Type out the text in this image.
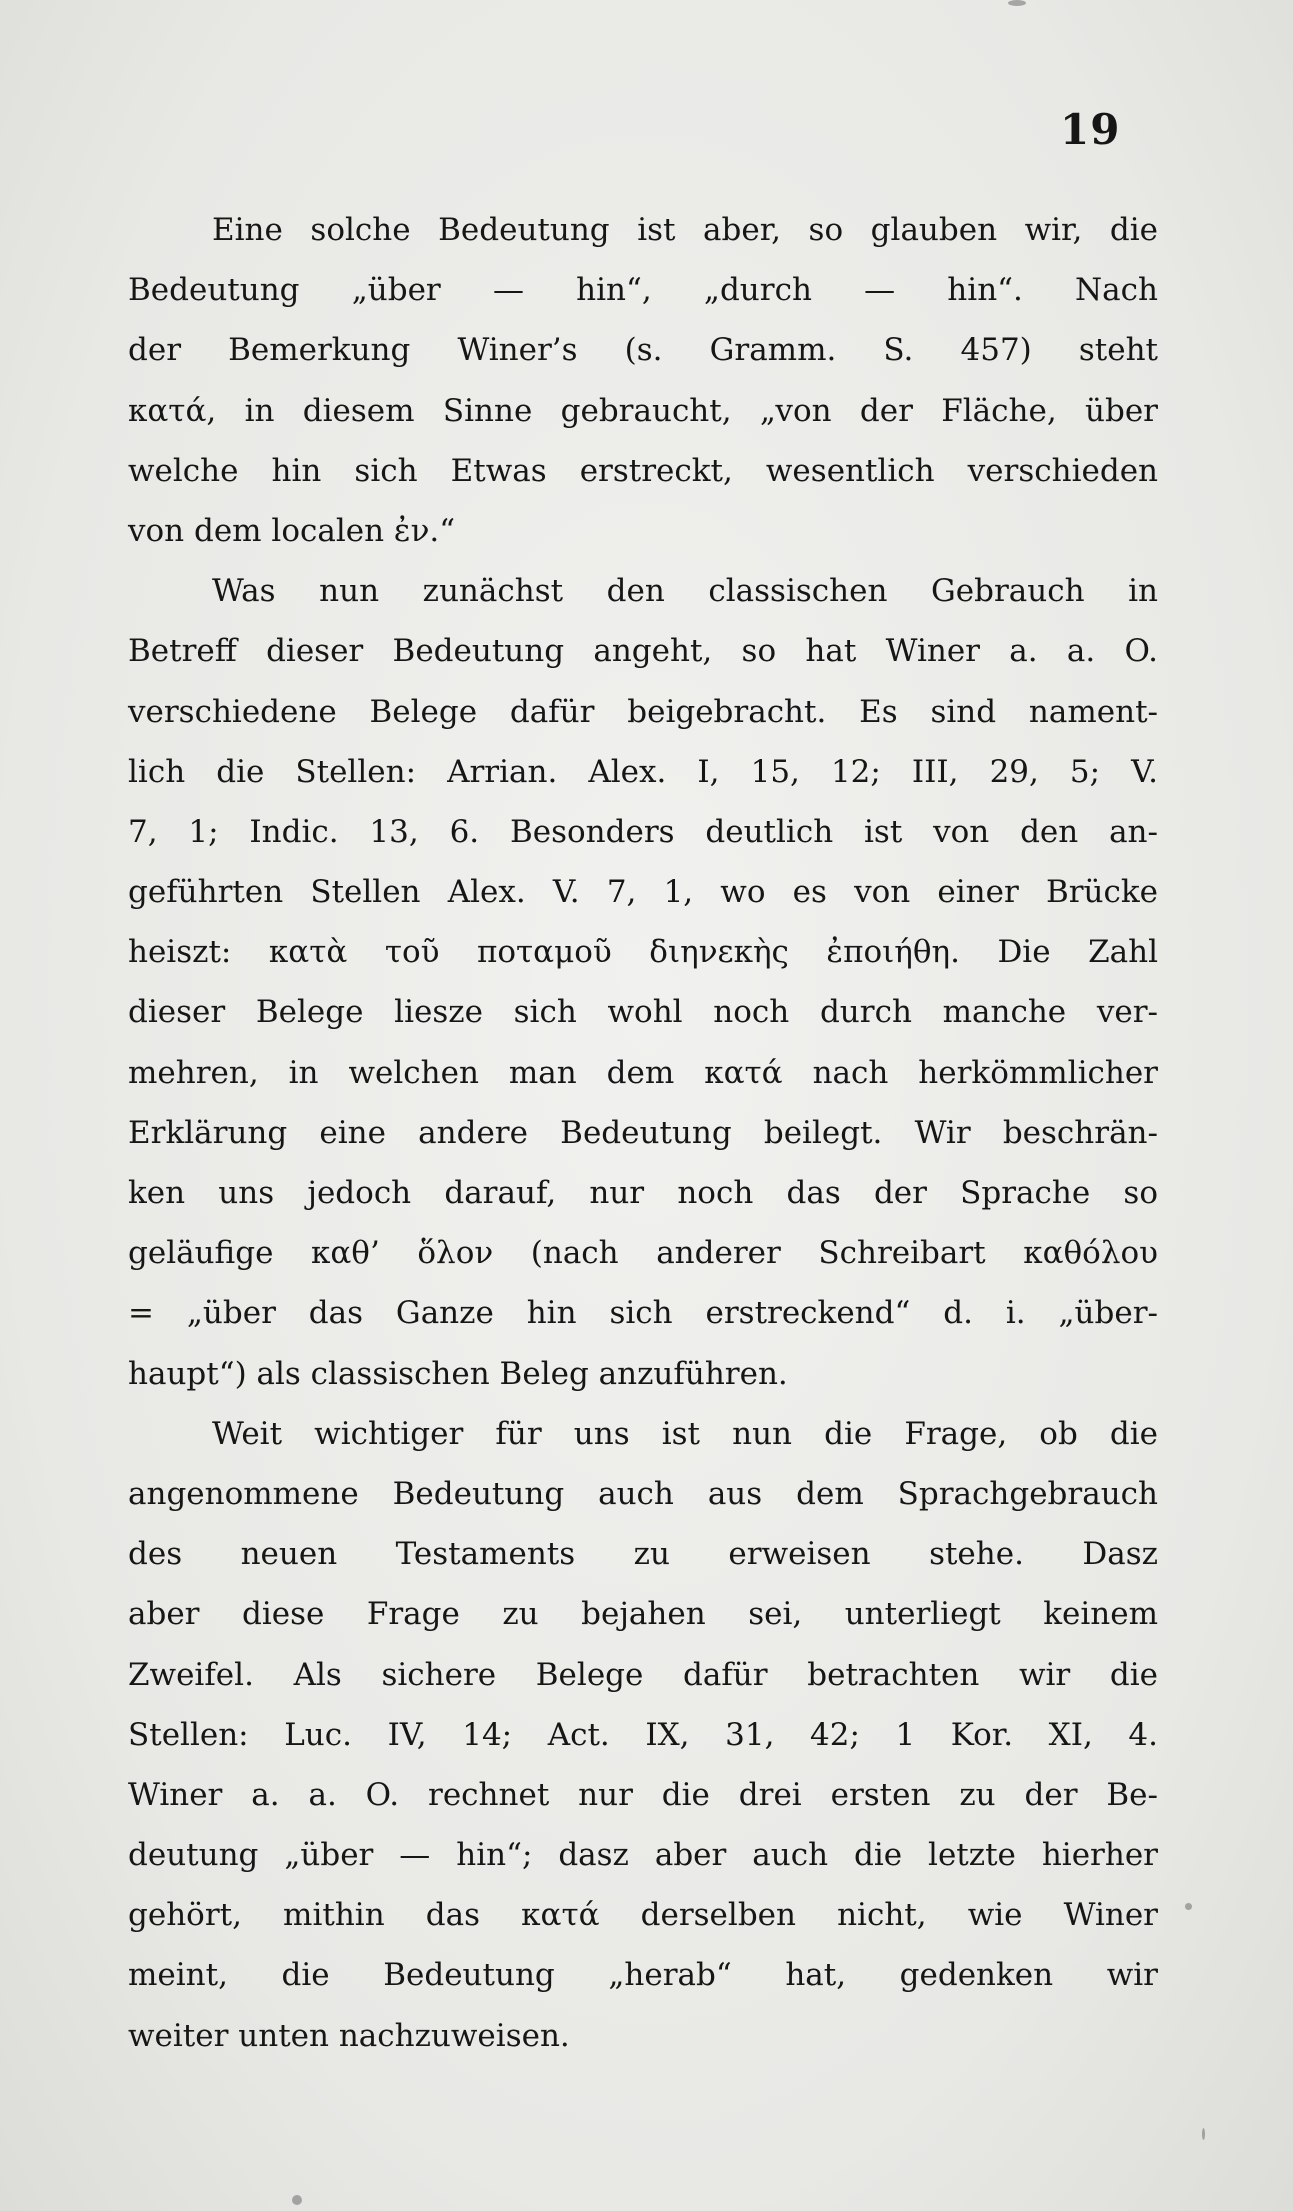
19
Eine solche Bedeutung ist aber, so glauben wir, die
Bedeutung „über — hin“, „durch — hin“. Nach
der Bemerkung Winer’s (s. Gramm. S. 457) steht
κατά, in diesem Sinne gebraucht, „von der Fläche, über
welche hin sich Etwas erstreckt, wesentlich verschieden
von dem localen ἐν.“
Was nun zunächst den classischen Gebrauch in
Betreff dieser Bedeutung angeht, so hat Winer a. a. O.
verschiedene Belege dafür beigebracht. Es sind nament-
lich die Stellen: Arrian. Alex. I, 15, 12; III, 29, 5; V.
7, 1; Indic. 13, 6. Besonders deutlich ist von den an-
geführten Stellen Alex. V. 7, 1, wo es von einer Brücke
heiszt: κατὰ τοῦ ποταμοῦ διηνεκὴς ἐποιήθη. Die Zahl
dieser Belege liesze sich wohl noch durch manche ver-
mehren, in welchen man dem κατά nach herkömmlicher
Erklärung eine andere Bedeutung beilegt. Wir beschrän-
ken uns jedoch darauf, nur noch das der Sprache so
geläufige καθ’ ὅλον (nach anderer Schreibart καθόλου
= „über das Ganze hin sich erstreckend“ d. i. „über-
haupt“) als classischen Beleg anzuführen.
Weit wichtiger für uns ist nun die Frage, ob die
angenommene Bedeutung auch aus dem Sprachgebrauch
des neuen Testaments zu erweisen stehe. Dasz
aber diese Frage zu bejahen sei, unterliegt keinem
Zweifel. Als sichere Belege dafür betrachten wir die
Stellen: Luc. IV, 14; Act. IX, 31, 42; 1 Kor. XI, 4.
Winer a. a. O. rechnet nur die drei ersten zu der Be-
deutung „über — hin“; dasz aber auch die letzte hierher
gehört, mithin das κατά derselben nicht, wie Winer
meint, die Bedeutung „herab“ hat, gedenken wir
weiter unten nachzuweisen.
